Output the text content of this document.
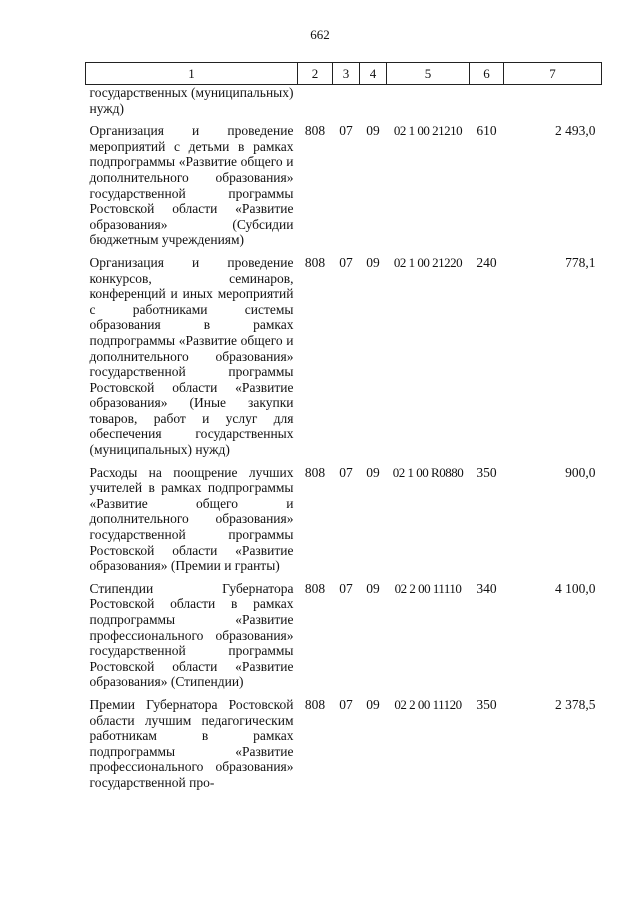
662
1	2	3	4	5	6	7
государственных (муниципальных) нужд)						
Организация и проведение мероприятий с детьми в рамках подпрограммы «Развитие общего и дополнительного образования» государственной программы Ростовской области «Развитие образования» (Субсидии бюджетным учреждениям)	808	07	09	02 1 00 21210	610	2 493,0
Организация и проведение конкурсов, семинаров, конференций и иных мероприятий с работниками системы образования в рамках подпрограммы «Развитие общего и дополнительного образования» государственной программы Ростовской области «Развитие образования» (Иные закупки товаров, работ и услуг для обеспечения государственных (муниципальных) нужд)	808	07	09	02 1 00 21220	240	778,1
Расходы на поощрение лучших учителей в рамках подпрограммы «Развитие общего и дополнительного образования» государственной программы Ростовской области «Развитие образования» (Премии и гранты)	808	07	09	02 1 00 R0880	350	900,0
Стипендии Губернатора Ростовской области в рамках подпрограммы «Развитие профессионального образования» государственной программы Ростовской области «Развитие образования» (Стипендии)	808	07	09	02 2 00 11110	340	4 100,0
Премии Губернатора Ростовской области лучшим педагогическим работникам в рамках подпрограммы «Развитие профессионального образования» государственной про-	808	07	09	02 2 00 11120	350	2 378,5
